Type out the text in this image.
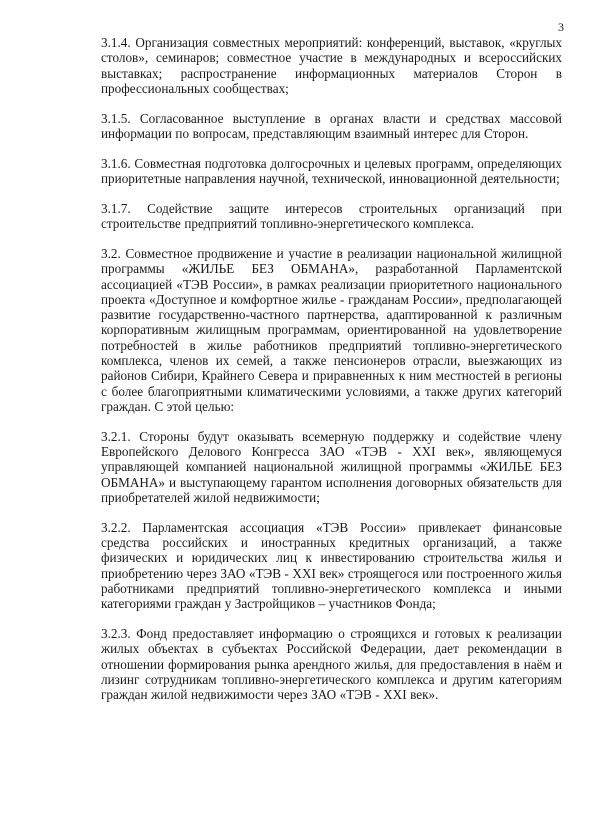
3

3.1.4. Организация совместных мероприятий: конференций, выставок, «круглых столов», семинаров; совместное участие в международных и всероссийских выставках; распространение информационных материалов Сторон в профессиональных сообществах;

3.1.5. Согласованное выступление в органах власти и средствах массовой информации по вопросам, представляющим взаимный интерес для Сторон.

3.1.6. Совместная подготовка долгосрочных и целевых программ, определяющих приоритетные направления научной, технической, инновационной деятельности;

3.1.7. Содействие защите интересов строительных организаций при строительстве предприятий топливно-энергетического комплекса.

3.2. Совместное продвижение и участие в реализации национальной жилищной программы «ЖИЛЬЕ БЕЗ ОБМАНА», разработанной Парламентской ассоциацией «ТЭВ России», в рамках реализации приоритетного национального проекта «Доступное и комфортное жилье - гражданам России», предполагающей развитие государственно-частного партнерства, адаптированной к различным корпоративным жилищным программам, ориентированной на удовлетворение потребностей в жилье работников предприятий топливно-энергетического комплекса, членов их семей, а также пенсионеров отрасли, выезжающих из районов Сибири, Крайнего Севера и приравненных к ним местностей в регионы с более благоприятными климатическими условиями, а также других категорий граждан. С этой целью:

3.2.1. Стороны будут оказывать всемерную поддержку и содействие члену Европейского Делового Конгресса ЗАО «ТЭВ - XXI век», являющемуся управляющей компанией национальной жилищной программы «ЖИЛЬЕ БЕЗ ОБМАНА» и выступающему гарантом исполнения договорных обязательств для приобретателей жилой недвижимости;

3.2.2. Парламентская ассоциация «ТЭВ России» привлекает финансовые средства российских и иностранных кредитных организаций, а также физических и юридических лиц к инвестированию строительства жилья и приобретению через ЗАО «ТЭВ - XXI век» строящегося или построенного жилья работниками предприятий топливно-энергетического комплекса и иными категориями граждан у Застройщиков – участников Фонда;

3.2.3. Фонд предоставляет информацию о строящихся и готовых к реализации жилых объектах в субъектах Российской Федерации, дает рекомендации в отношении формирования рынка арендного жилья, для предоставления в наём и лизинг сотрудникам топливно-энергетического комплекса и другим категориям граждан жилой недвижимости через ЗАО «ТЭВ - XXI век».
